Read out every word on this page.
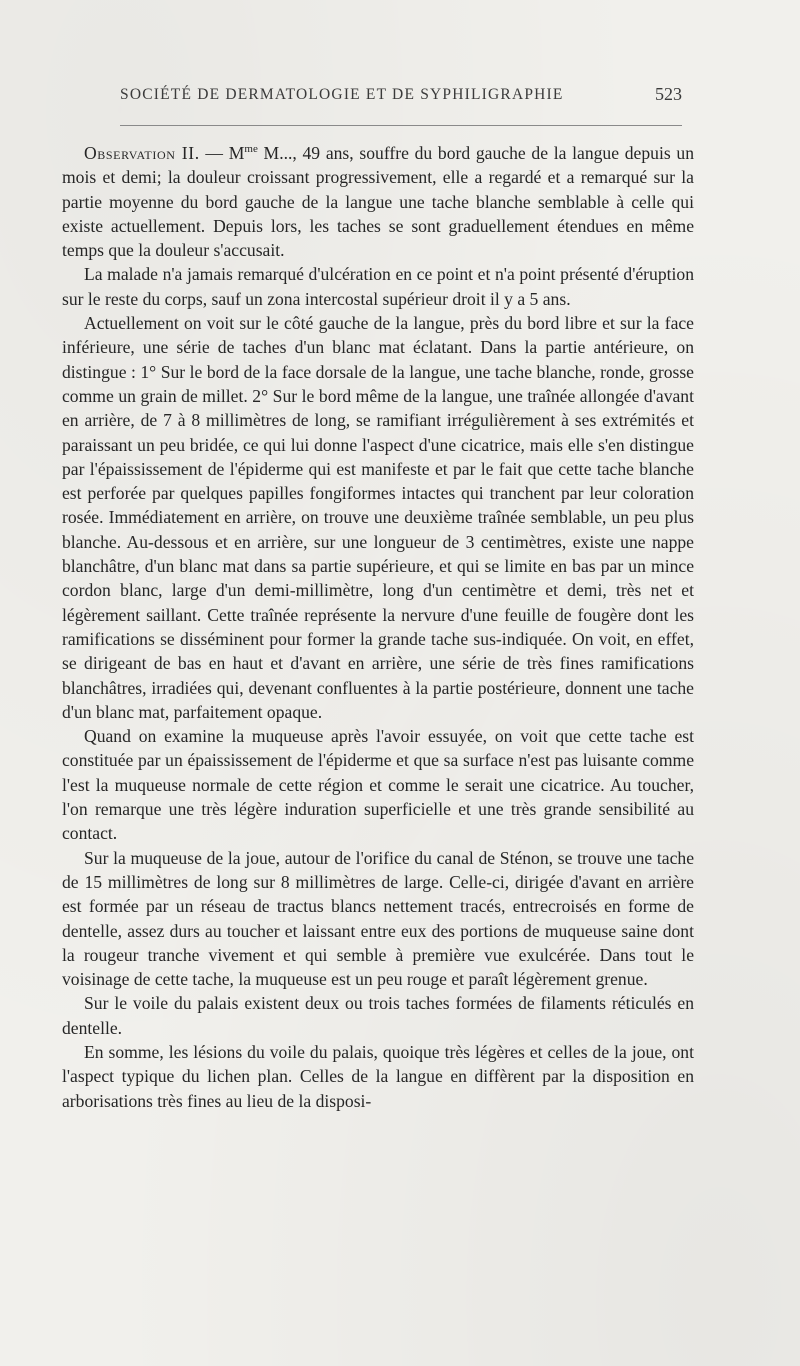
SOCIÉTÉ DE DERMATOLOGIE ET DE SYPHILIGRAPHIE	523

Observation II. — $M^{me}$ M..., 49 ans, souffre du bord gauche de la langue depuis un mois et demi; la douleur croissant progressivement, elle a regardé et a remarqué sur la partie moyenne du bord gauche de la langue une tache blanche semblable à celle qui existe actuellement. Depuis lors, les taches se sont graduellement étendues en même temps que la douleur s'accusait.

La malade n'a jamais remarqué d'ulcération en ce point et n'a point présenté d'éruption sur le reste du corps, sauf un zona intercostal supérieur droit il y a 5 ans.

Actuellement on voit sur le côté gauche de la langue, près du bord libre et sur la face inférieure, une série de taches d'un blanc mat éclatant. Dans la partie antérieure, on distingue : 1° Sur le bord de la face dorsale de la langue, une tache blanche, ronde, grosse comme un grain de millet. 2° Sur le bord même de la langue, une traînée allongée d'avant en arrière, de 7 à 8 millimètres de long, se ramifiant irrégulièrement à ses extrémités et paraissant un peu bridée, ce qui lui donne l'aspect d'une cicatrice, mais elle s'en distingue par l'épaississement de l'épiderme qui est manifeste et par le fait que cette tache blanche est perforée par quelques papilles fongiformes intactes qui tranchent par leur coloration rosée. Immédiatement en arrière, on trouve une deuxième traînée semblable, un peu plus blanche. Au-dessous et en arrière, sur une longueur de 3 centimètres, existe une nappe blanchâtre, d'un blanc mat dans sa partie supérieure, et qui se limite en bas par un mince cordon blanc, large d'un demi-millimètre, long d'un centimètre et demi, très net et légèrement saillant. Cette traînée représente la nervure d'une feuille de fougère dont les ramifications se disséminent pour former la grande tache sus-indiquée. On voit, en effet, se dirigeant de bas en haut et d'avant en arrière, une série de très fines ramifications blanchâtres, irradiées qui, devenant confluentes à la partie postérieure, donnent une tache d'un blanc mat, parfaitement opaque.

Quand on examine la muqueuse après l'avoir essuyée, on voit que cette tache est constituée par un épaississement de l'épiderme et que sa surface n'est pas luisante comme l'est la muqueuse normale de cette région et comme le serait une cicatrice. Au toucher, l'on remarque une très légère induration superficielle et une très grande sensibilité au contact.

Sur la muqueuse de la joue, autour de l'orifice du canal de Sténon, se trouve une tache de 15 millimètres de long sur 8 millimètres de large. Celle-ci, dirigée d'avant en arrière est formée par un réseau de tractus blancs nettement tracés, entrecroisés en forme de dentelle, assez durs au toucher et laissant entre eux des portions de muqueuse saine dont la rougeur tranche vivement et qui semble à première vue exulcérée. Dans tout le voisinage de cette tache, la muqueuse est un peu rouge et paraît légèrement grenue.

Sur le voile du palais existent deux ou trois taches formées de filaments réticulés en dentelle.

En somme, les lésions du voile du palais, quoique très légères et celles de la joue, ont l'aspect typique du lichen plan. Celles de la langue en diffèrent par la disposition en arborisations très fines au lieu de la disposi-
